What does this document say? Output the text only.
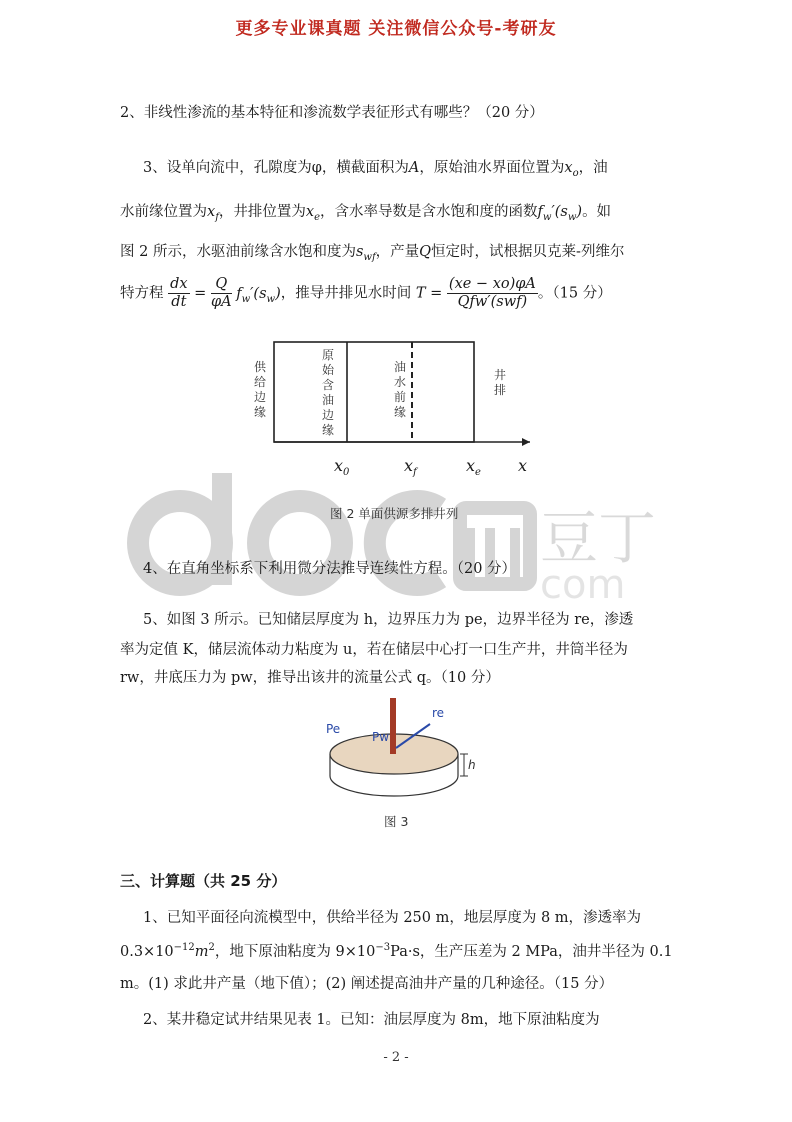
更多专业课真题 关注微信公众号-考研友
豆丁
com
2、非线性渗流的基本特征和渗流数学表征形式有哪些？（20 分）
3、设单向流中，孔隙度为φ，横截面积为A，原始油水界面位置为$x_o$，油
水前缘位置为$x_f$，井排位置为$x_e$，含水率导数是含水饱和度的函数$f_w'(s_w)$。如
图 2 所示，水驱油前缘含水饱和度为$s_{wf}$，产量Q恒定时，试根据贝克莱-列维尔
特方程 $\frac{dx}{dt} = \frac{Q}{\varphi A} f_w'(s_w)$，推导井排见水时间 $T = \frac{(xe - xo)\varphi A}{\text{Qfw′(swf)}}$ 。（15 分）
供给边缘
原始含油边缘
油水前缘
井排
$x_0$	$x_f$	$x_e$ x
图 2 单面供源多排井列
4、在直角坐标系下利用微分法推导连续性方程。（20 分）
5、如图 3 所示。已知储层厚度为 h，边界压力为 pe，边界半径为 re，渗透
率为定值 K，储层流体动力粘度为 u，若在储层中心打一口生产井，井筒半径为
rw，井底压力为 pw，推导出该井的流量公式 q。（10 分）
Pe
Pw
re
h
图 3
三、计算题（共 25 分）
1、已知平面径向流模型中，供给半径为 250 m，地层厚度为 8 m，渗透率为
$0.3\times 10^{-12}m^2$，地下原油粘度为 $9\times 10^{-3}Pa\cdot s$，生产压差为 2 MPa，油井半径为 0.1
m。(1) 求此井产量（地下值）；(2) 阐述提高油井产量的几种途径。（15 分）
2、某井稳定试井结果见表 1。已知：油层厚度为 8m，地下原油粘度为
- 2 -
